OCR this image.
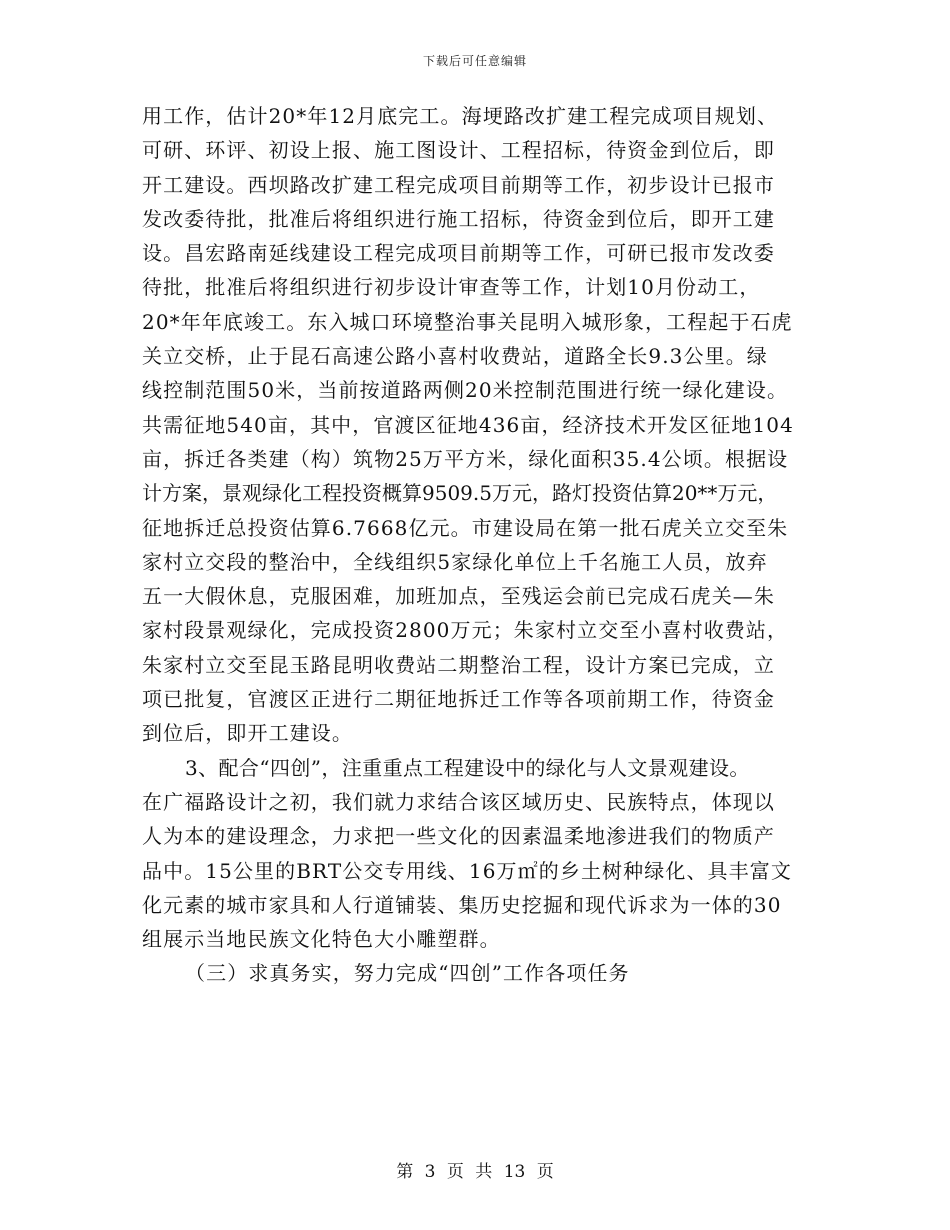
下载后可任意编辑
用工作，估计20*年12月底完工。海埂路改扩建工程完成项目规划、
可研、环评、初设上报、施工图设计、工程招标，待资金到位后，即
开工建设。西坝路改扩建工程完成项目前期等工作，初步设计已报市
发改委待批，批准后将组织进行施工招标，待资金到位后，即开工建
设。昌宏路南延线建设工程完成项目前期等工作，可研已报市发改委
待批，批准后将组织进行初步设计审查等工作，计划10月份动工，
20*年年底竣工。东入城口环境整治事关昆明入城形象，工程起于石虎
关立交桥，止于昆石高速公路小喜村收费站，道路全长9.3公里。绿
线控制范围50米，当前按道路两侧20米控制范围进行统一绿化建设。
共需征地540亩，其中，官渡区征地436亩，经济技术开发区征地104
亩，拆迁各类建（构）筑物25万平方米，绿化面积35.4公顷。根据设
计方案，景观绿化工程投资概算9509.5万元，路灯投资估算20**万元，
征地拆迁总投资估算6.7668亿元。市建设局在第一批石虎关立交至朱
家村立交段的整治中，全线组织5家绿化单位上千名施工人员，放弃
五一大假休息，克服困难，加班加点，至残运会前已完成石虎关—朱
家村段景观绿化，完成投资2800万元；朱家村立交至小喜村收费站，
朱家村立交至昆玉路昆明收费站二期整治工程，设计方案已完成，立
项已批复，官渡区正进行二期征地拆迁工作等各项前期工作，待资金
到位后，即开工建设。
3、配合“四创”，注重重点工程建设中的绿化与人文景观建设。
在广福路设计之初，我们就力求结合该区域历史、民族特点，体现以
人为本的建设理念，力求把一些文化的因素温柔地渗进我们的物质产
品中。15公里的BRT公交专用线、16万㎡的乡土树种绿化、具丰富文
化元素的城市家具和人行道铺装、集历史挖掘和现代诉求为一体的30
组展示当地民族文化特色大小雕塑群。
（三）求真务实，努力完成“四创”工作各项任务
第 3 页 共 13 页
